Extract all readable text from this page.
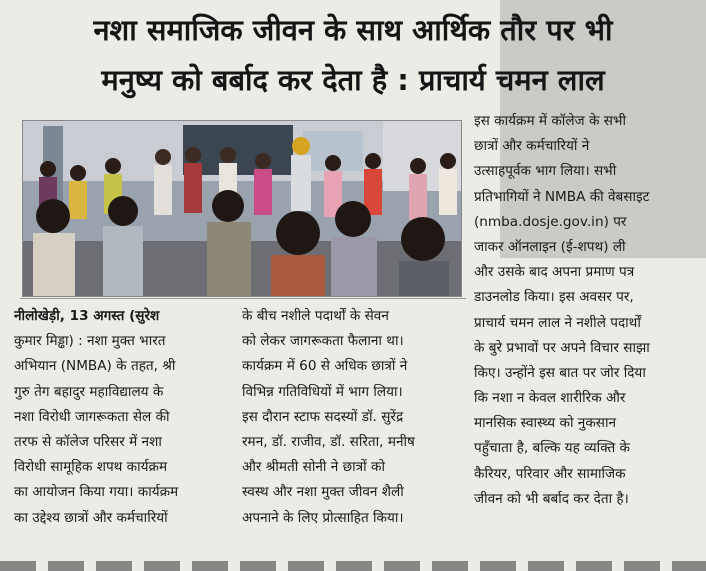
नशा समाजिक जीवन के साथ आर्थिक तौर पर भी
मनुष्य को बर्बाद कर देता है : प्राचार्य चमन लाल
नीलोखेड़ी, 13 अगस्त (सुरेश
कुमार मिड्ढा) : नशा मुक्त भारत
अभियान (NMBA) के तहत, श्री
गुरु तेग बहादुर महाविद्यालय के
नशा विरोधी जागरूकता सेल की
तरफ से कॉलेज परिसर में नशा
विरोधी सामूहिक शपथ कार्यक्रम
का आयोजन किया गया। कार्यक्रम
का उद्देश्य छात्रों और कर्मचारियों
के बीच नशीले पदार्थों के सेवन
को लेकर जागरूकता फैलाना था।
कार्यक्रम में 60 से अधिक छात्रों ने
विभिन्न गतिविधियों में भाग लिया।
इस दौरान स्टाफ सदस्यों डॉ. सुरेंद्र
रमन, डॉ. राजीव, डॉ. सरिता, मनीष
और श्रीमती सोनी ने छात्रों को
स्वस्थ और नशा मुक्त जीवन शैली
अपनाने के लिए प्रोत्साहित किया।
इस कार्यक्रम में कॉलेज के सभी
छात्रों और कर्मचारियों ने
उत्साहपूर्वक भाग लिया। सभी
प्रतिभागियों ने NMBA की वेबसाइट
(nmba.dosje.gov.in) पर
जाकर ऑनलाइन (ई-शपथ) ली
और उसके बाद अपना प्रमाण पत्र
डाउनलोड किया। इस अवसर पर,
प्राचार्य चमन लाल ने नशीले पदार्थों
के बुरे प्रभावों पर अपने विचार साझा
किए। उन्होंने इस बात पर जोर दिया
कि नशा न केवल शारीरिक और
मानसिक स्वास्थ्य को नुकसान
पहुँचाता है, बल्कि यह व्यक्ति के
कैरियर, परिवार और सामाजिक
जीवन को भी बर्बाद कर देता है।
